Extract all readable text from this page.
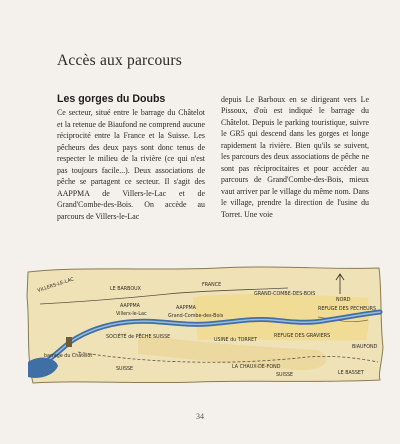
Accès aux parcours
Les gorges du Doubs
Ce secteur, situé entre le barrage du Châtelot et la retenue de Biaufond ne comprend aucune réciprocité entre la France et la Suisse. Les pêcheurs des deux pays sont donc tenus de respecter le milieu de la rivière (ce qui n'est pas toujours facile...). Deux associations de pêche se partagent ce secteur. Il s'agit des AAPPMA de Villers-le-Lac et de Grand'Combe-des-Bois. On accède au parcours de Villers-le-Lac
depuis Le Barboux en se dirigeant vers Le Pissoux, d'où est indiqué le barrage du Châtelot. Depuis le parking touristique, suivre le GR5 qui descend dans les gorges et longe rapidement la rivière. Bien qu'ils se suivent, les parcours des deux associations de pêche ne sont pas réciprocitaires et pour accéder au parcours de Grand'Combe-des-Bois, mieux vaut arriver par le village du même nom. Dans le village, prendre la direction de l'usine du Torret. Une voie
VILLERS-LE-LAC	LE BARBOUX
FRANCE
GRAND-COMBE-DES-BOIS
NORD
AAPPMA
Villers-le-Lac
AAPPMA
Grand-Combe-des-Bois
REFUGE DES PECHEURS
SOCIÉTÉ de PÊCHE SUISSE
barrage du Châtelot
USINE du TORRET
REFUGE DES GRAVIERS
LA CHAUX-DE-FOND
SUISSE
SUISSE
BIAUFOND
LE BASSET
34
